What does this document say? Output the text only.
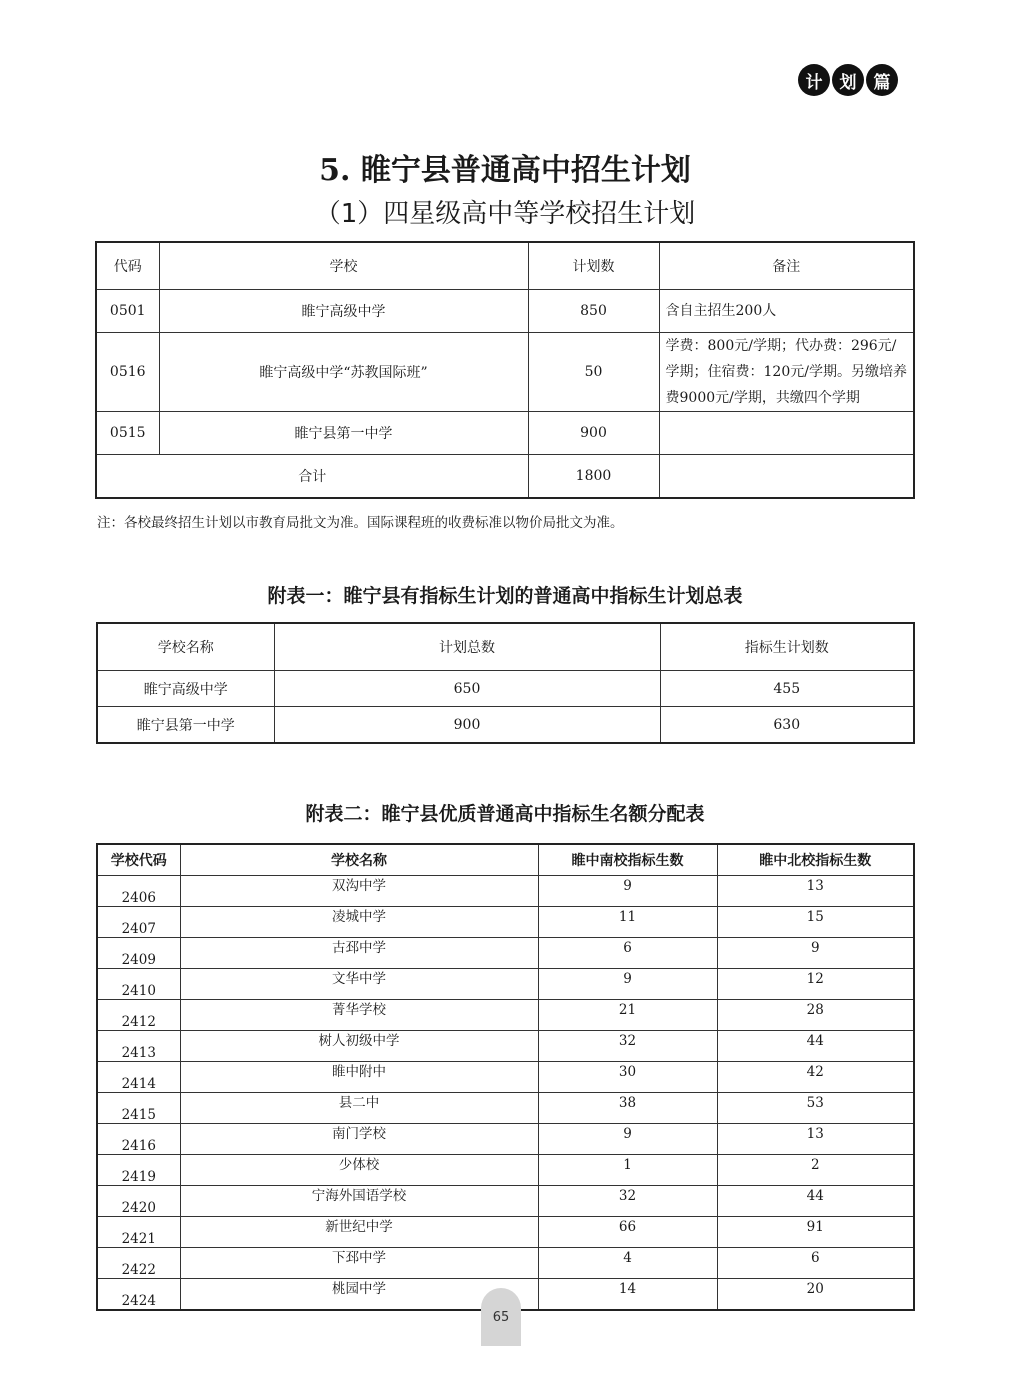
计	划	篇
5. 睢宁县普通高中招生计划
（1）四星级高中等学校招生计划
代码	学校	计划数	备注
0501	睢宁高级中学	850	含自主招生200人
0516	睢宁高级中学“苏教国际班”	50	学费：800元/学期；代办费：296元/学期；住宿费：120元/学期。另缴培养费9000元/学期，共缴四个学期
0515	睢宁县第一中学	900	
合计		1800	
注：各校最终招生计划以市教育局批文为准。国际课程班的收费标准以物价局批文为准。
附表一：睢宁县有指标生计划的普通高中指标生计划总表
学校名称	计划总数	指标生计划数
睢宁高级中学	650	455
睢宁县第一中学	900	630
附表二：睢宁县优质普通高中指标生名额分配表
学校代码	学校名称	睢中南校指标生数	睢中北校指标生数
2406	双沟中学	9	13
2407	凌城中学	11	15
2409	古邳中学	6	9
2410	文华中学	9	12
2412	菁华学校	21	28
2413	树人初级中学	32	44
2414	睢中附中	30	42
2415	县二中	38	53
2416	南门学校	9	13
2419	少体校	1	2
2420	宁海外国语学校	32	44
2421	新世纪中学	66	91
2422	下邳中学	4	6
2424	桃园中学	14	20
65
